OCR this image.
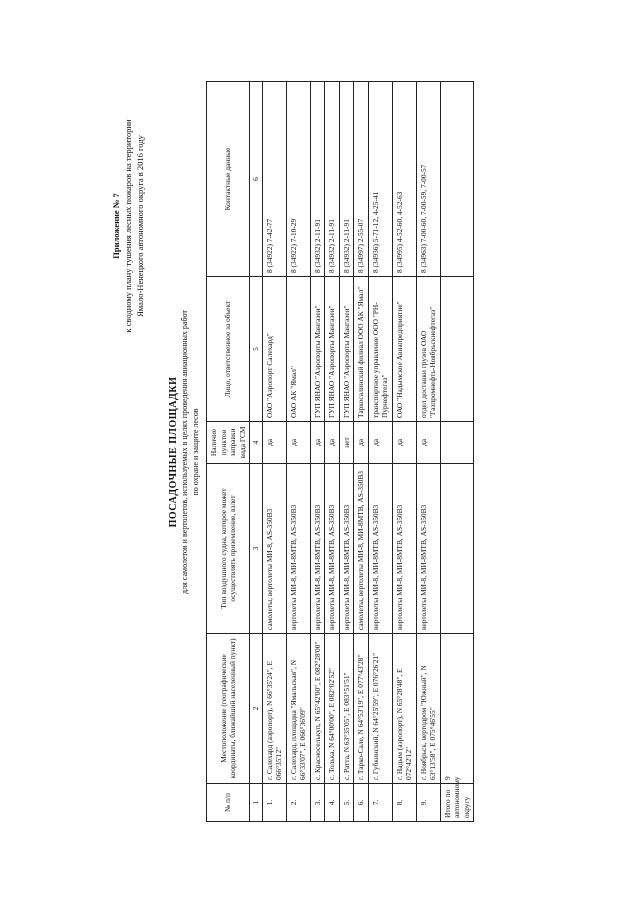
Приложение № 7 к сводному плану тушения лесных пожаров на территории Ямало-Ненецкого автономного округа в 2016 году
ПОСАДОЧНЫЕ ПЛОЩАДКИ для самолетов и вертолетов, используемых в целях проведения авиационных работ по охране и защите лесов
№ п/п	Местоположение (географические координаты, ближайший населенный пункт)	Тип воздушного судна, которое может осуществлять приземление, взлет	Наличие пунктов заправки вида ГСМ	Лицо, ответственное за объект	Контактные данные
1	2	3	4	5	6
1.	г. Салехард (аэропорт), N 66°35'24", E 066°35'12"	самолеты, вертолеты МИ-8, AS-350B3	да	ОАО "Аэропорт Салехард"	8 (34922) 7-42-77
2.	г. Салехард, площадка "Ямальская", N 66°33'07", E 066°36'09"	вертолеты МИ-8, МИ-8МТВ, AS-350B3	да	ОАО АК "Ямал"	8 (34922) 7-10-29
3.	с. Красноселькуп, N 65°42'00", E 082°28'00"	вертолеты МИ-8, МИ-8МТВ, AS-350B3	да	ГУП ЯНАО "Аэропорты Мангазеи"	8 (34932) 2-11-91
4.	с. Толька, N 64°00'00", E 082°02'52"	вертолеты МИ-8, МИ-8МТВ, AS-350B3	да	ГУП ЯНАО "Аэропорты Мангазеи"	8 (34932) 2-11-91
5.	с. Ратта, N 63°35'05", E 083°51'51"	вертолеты МИ-8, МИ-8МТВ, AS-350B3	нет	ГУП ЯНАО "Аэропорты Мангазеи"	8 (34932) 2-11-91
6.	г. Тарко-Сале, N 64°53'19", E 077°43'28"	самолеты, вертолеты МИ-8, МИ-8МТВ, AS-350B3	да	Таркосалинский филиал ООО АК "Ямал"	8 (34997) 2-55-07
7.	г. Губкинский, N 64°25'59", E 076°26'21"	вертолеты МИ-8, МИ-8МТВ, AS-350B3	да	транспортное управление ООО "РН-Пурнефтегаз"	8 (34936) 5-71-12, 4-25-41
8.	г. Надым (аэропорт), N 65°28'48", E 072°42'12"	вертолеты МИ-8, МИ-8МТВ, AS-350B3	да	ОАО "Надымское Авиапредприятие"	8 (34995) 4-52-60, 4-52-63
9.	г. Ноябрьск, вертодром "Южный", N 63°13'58", E 075°46'55"	вертолеты МИ-8, МИ-8МТВ, AS-350B3	да	отдел доставки грузов ОАО "Газпромнефть-Ноябрьскнефтегаз"	8 (34963) 7-00-60, 7-00-59, 7-00-57
Итого по автономному округу	9				
